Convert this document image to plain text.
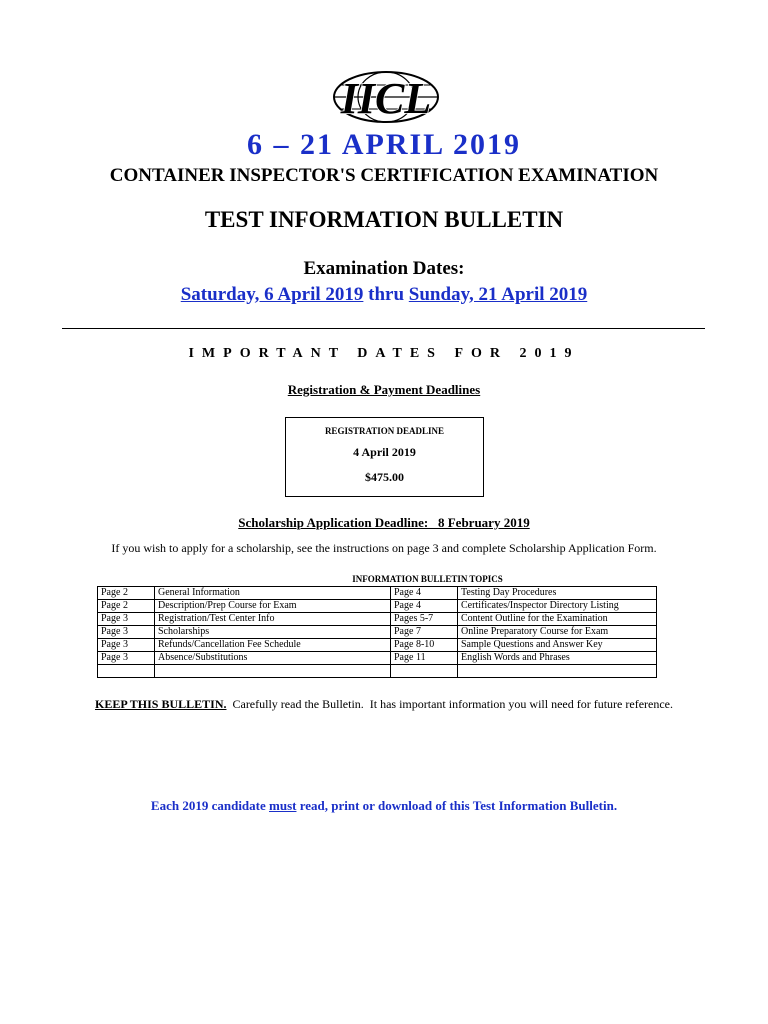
IICL
6 – 21 APRIL 2019
CONTAINER INSPECTOR'S CERTIFICATION EXAMINATION
TEST INFORMATION BULLETIN
Examination Dates:
Saturday, 6 April 2019 thru Sunday, 21 April 2019
IMPORTANT DATES FOR 2019
Registration & Payment Deadlines
REGISTRATION DEADLINE
4 April 2019
$475.00
Scholarship Application Deadline:   8 February 2019
If you wish to apply for a scholarship, see the instructions on page 3 and complete Scholarship Application Form.
INFORMATION BULLETIN TOPICS
Page 2	General Information	Page 4	Testing Day Procedures
Page 2	Description/Prep Course for Exam	Page 4	Certificates/Inspector Directory Listing
Page 3	Registration/Test Center Info	Pages 5-7	Content Outline for the Examination
Page 3	Scholarships	Page 7	Online Preparatory Course for Exam
Page 3	Refunds/Cancellation Fee Schedule	Page 8-10	Sample Questions and Answer Key
Page 3	Absence/Substitutions	Page 11	English Words and Phrases

KEEP THIS BULLETIN.  Carefully read the Bulletin.  It has important information you will need for future reference.
Each 2019 candidate must read, print or download of this Test Information Bulletin.
